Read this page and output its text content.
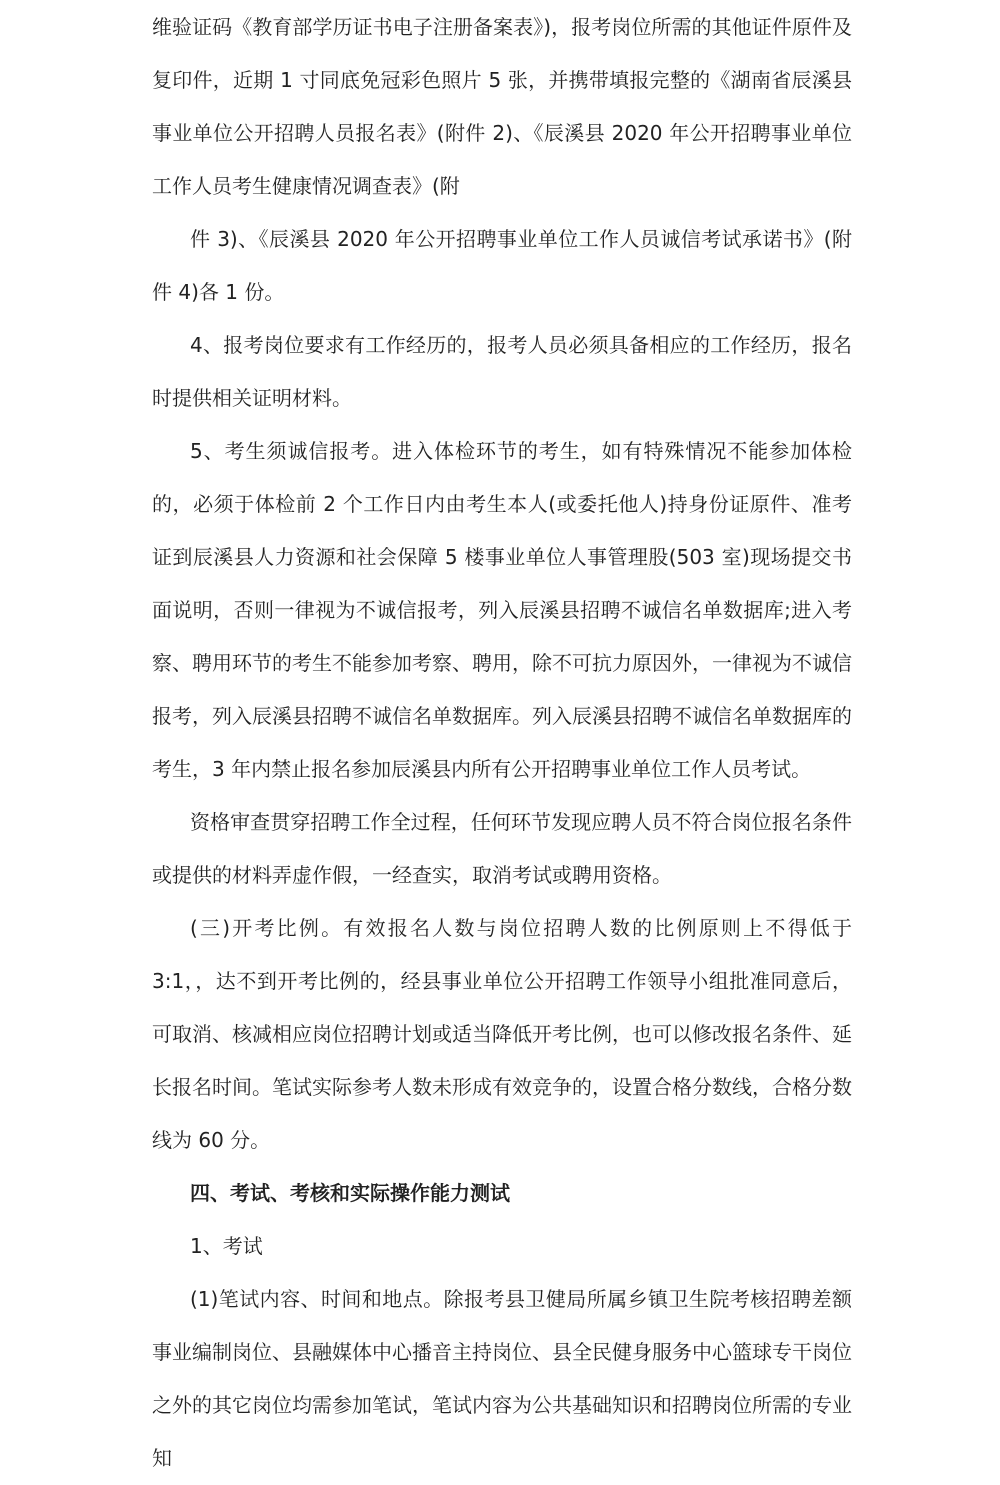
维验证码《教育部学历证书电子注册备案表》)，报考岗位所需的其他证件原件及复印件，近期 1 寸同底免冠彩色照片 5 张，并携带填报完整的《湖南省辰溪县事业单位公开招聘人员报名表》(附件 2)、《辰溪县 2020 年公开招聘事业单位工作人员考生健康情况调查表》(附

件 3)、《辰溪县 2020 年公开招聘事业单位工作人员诚信考试承诺书》(附件 4)各 1 份。

4、报考岗位要求有工作经历的，报考人员必须具备相应的工作经历，报名时提供相关证明材料。

5、考生须诚信报考。进入体检环节的考生，如有特殊情况不能参加体检的，必须于体检前 2 个工作日内由考生本人(或委托他人)持身份证原件、准考证到辰溪县人力资源和社会保障 5 楼事业单位人事管理股(503 室)现场提交书面说明，否则一律视为不诚信报考，列入辰溪县招聘不诚信名单数据库;进入考察、聘用环节的考生不能参加考察、聘用，除不可抗力原因外，一律视为不诚信报考，列入辰溪县招聘不诚信名单数据库。列入辰溪县招聘不诚信名单数据库的考生，3 年内禁止报名参加辰溪县内所有公开招聘事业单位工作人员考试。

资格审查贯穿招聘工作全过程，任何环节发现应聘人员不符合岗位报名条件或提供的材料弄虚作假，一经查实，取消考试或聘用资格。

(三)开考比例。有效报名人数与岗位招聘人数的比例原则上不得低于 3:1，，达不到开考比例的，经县事业单位公开招聘工作领导小组批准同意后，可取消、核减相应岗位招聘计划或适当降低开考比例，也可以修改报名条件、延长报名时间。笔试实际参考人数未形成有效竞争的，设置合格分数线，合格分数线为 60 分。

四、考试、考核和实际操作能力测试

1、考试

(1)笔试内容、时间和地点。除报考县卫健局所属乡镇卫生院考核招聘差额事业编制岗位、县融媒体中心播音主持岗位、县全民健身服务中心篮球专干岗位之外的其它岗位均需参加笔试，笔试内容为公共基础知识和招聘岗位所需的专业知
